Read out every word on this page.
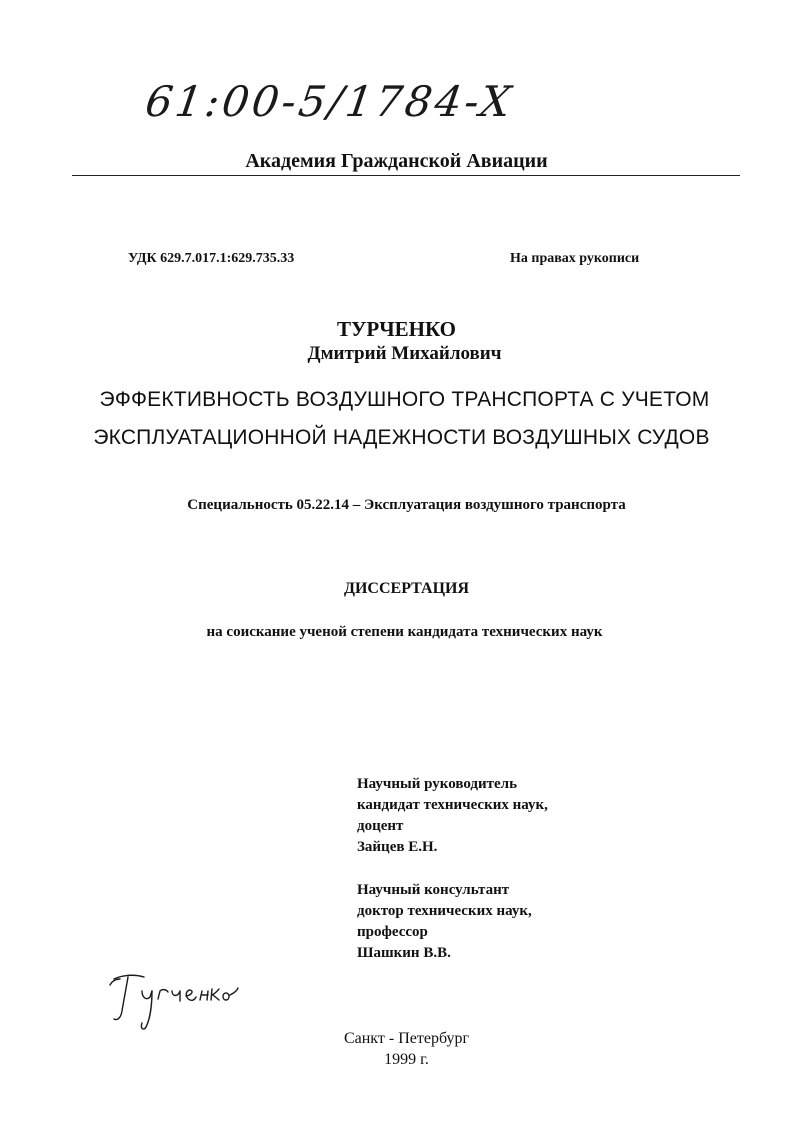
61:00-5/1784-X
Академия Гражданской Авиации
УДК 629.7.017.1:629.735.33	На правах рукописи
ТУРЧЕНКО
Дмитрий Михайлович
ЭФФЕКТИВНОСТЬ ВОЗДУШНОГО ТРАНСПОРТА С УЧЕТОМ
ЭКСПЛУАТАЦИОННОЙ НАДЕЖНОСТИ ВОЗДУШНЫХ СУДОВ
Специальность 05.22.14 – Эксплуатация воздушного транспорта
ДИССЕРТАЦИЯ
на соискание ученой степени кандидата технических наук
Научный руководитель
кандидат технических наук,
доцент
Зайцев Е.Н.
Научный консультант
доктор технических наук,
профессор
Шашкин В.В.
Санкт - Петербург
1999 г.
